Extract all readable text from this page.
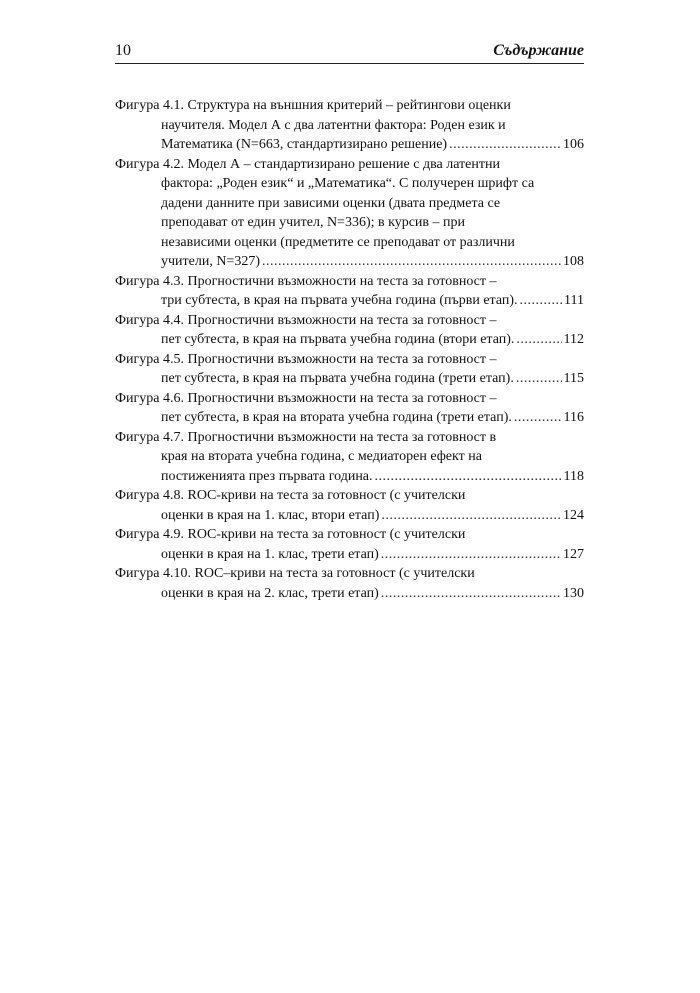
10	Съдържание
Фигура 4.1. Структура на външния критерий – рейтингови оценки
научителя. Модел А с два латентни фактора: Роден език и
Математика (N=663, стандартизирано решение) .....	106
Фигура 4.2. Модел А – стандартизирано решение с два латентни
фактора: „Роден език“ и „Математика“. С получерен шрифт са
дадени данните при зависими оценки (двата предмета се
преподават от един учител, N=336); в курсив – при
независими оценки (предметите се преподават от различни
учители, N=327) .....	108
Фигура 4.3. Прогностични възможности на теста за готовност –
три субтеста, в края на първата учебна година (първи етап). .....	111
Фигура 4.4. Прогностични възможности на теста за готовност –
пет субтеста, в края на първата учебна година (втори етап). .....	112
Фигура 4.5. Прогностични възможности на теста за готовност –
пет субтеста, в края на първата учебна година (трети етап). .....	115
Фигура 4.6. Прогностични възможности на теста за готовност –
пет субтеста, в края на втората учебна година (трети етап). .....	116
Фигура 4.7. Прогностични възможности на теста за готовност в
края на втората учебна година, с медиаторен ефект на
постиженията през първата година. .....	118
Фигура 4.8. ROC-криви на теста за готовност (с учителски
оценки в края на 1. клас, втори етап) .....	124
Фигура 4.9. ROC-криви на теста за готовност (с учителски
оценки в края на 1. клас, трети етап) .....	127
Фигура 4.10. ROC–криви на теста за готовност (с учителски
оценки в края на 2. клас, трети етап) .....	130
